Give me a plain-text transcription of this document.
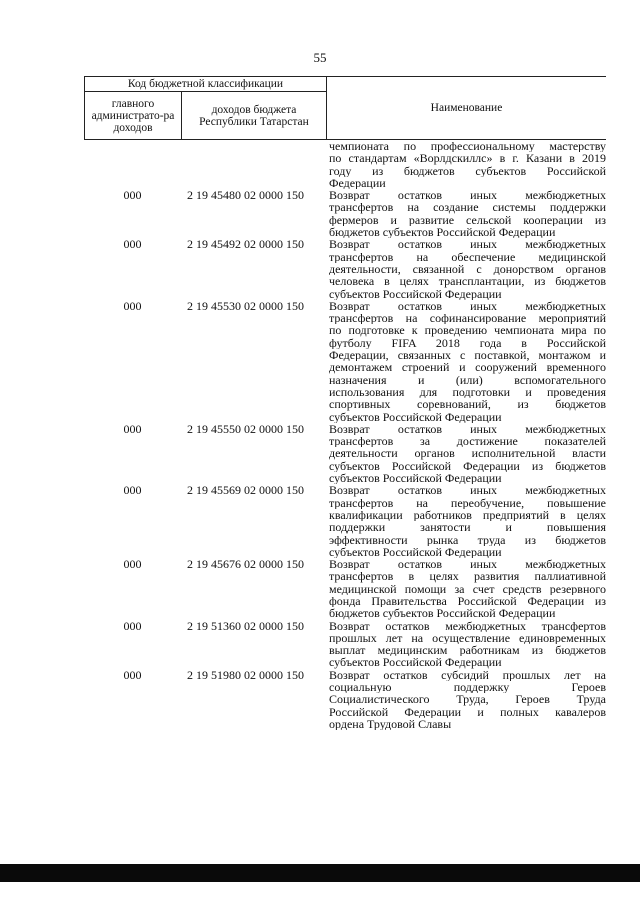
55
Код бюджетной классификации
главного администрато-ра доходов
доходов бюджета Республики Татарстан
Наименование
чемпионата по профессиональному мастерству
по стандартам «Ворлдскиллс» в г. Казани в 2019
году из бюджетов субъектов Российской
Федерации
000	2 19 45480 02 0000 150	Возврат остатков иных межбюджетных
трансфертов на создание системы поддержки
фермеров и развитие сельской кооперации из
бюджетов субъектов Российской Федерации
000	2 19 45492 02 0000 150	Возврат остатков иных межбюджетных
трансфертов на обеспечение медицинской
деятельности, связанной с донорством органов
человека в целях трансплантации, из бюджетов
субъектов Российской Федерации
000	2 19 45530 02 0000 150	Возврат остатков иных межбюджетных
трансфертов на софинансирование мероприятий
по подготовке к проведению чемпионата мира по
футболу FIFA 2018 года в Российской
Федерации, связанных с поставкой, монтажом и
демонтажем строений и сооружений временного
назначения и (или) вспомогательного
использования для подготовки и проведения
спортивных соревнований, из бюджетов
субъектов Российской Федерации
000	2 19 45550 02 0000 150	Возврат остатков иных межбюджетных
трансфертов за достижение показателей
деятельности органов исполнительной власти
субъектов Российской Федерации из бюджетов
субъектов Российской Федерации
000	2 19 45569 02 0000 150	Возврат остатков иных межбюджетных
трансфертов на переобучение, повышение
квалификации работников предприятий в целях
поддержки занятости и повышения
эффективности рынка труда из бюджетов
субъектов Российской Федерации
000	2 19 45676 02 0000 150	Возврат остатков иных межбюджетных
трансфертов в целях развития паллиативной
медицинской помощи за счет средств резервного
фонда Правительства Российской Федерации из
бюджетов субъектов Российской Федерации
000	2 19 51360 02 0000 150	Возврат остатков межбюджетных трансфертов
прошлых лет на осуществление единовременных
выплат медицинским работникам из бюджетов
субъектов Российской Федерации
000	2 19 51980 02 0000 150	Возврат остатков субсидий прошлых лет на
социальную поддержку Героев
Социалистического Труда, Героев Труда
Российской Федерации и полных кавалеров
ордена Трудовой Славы
